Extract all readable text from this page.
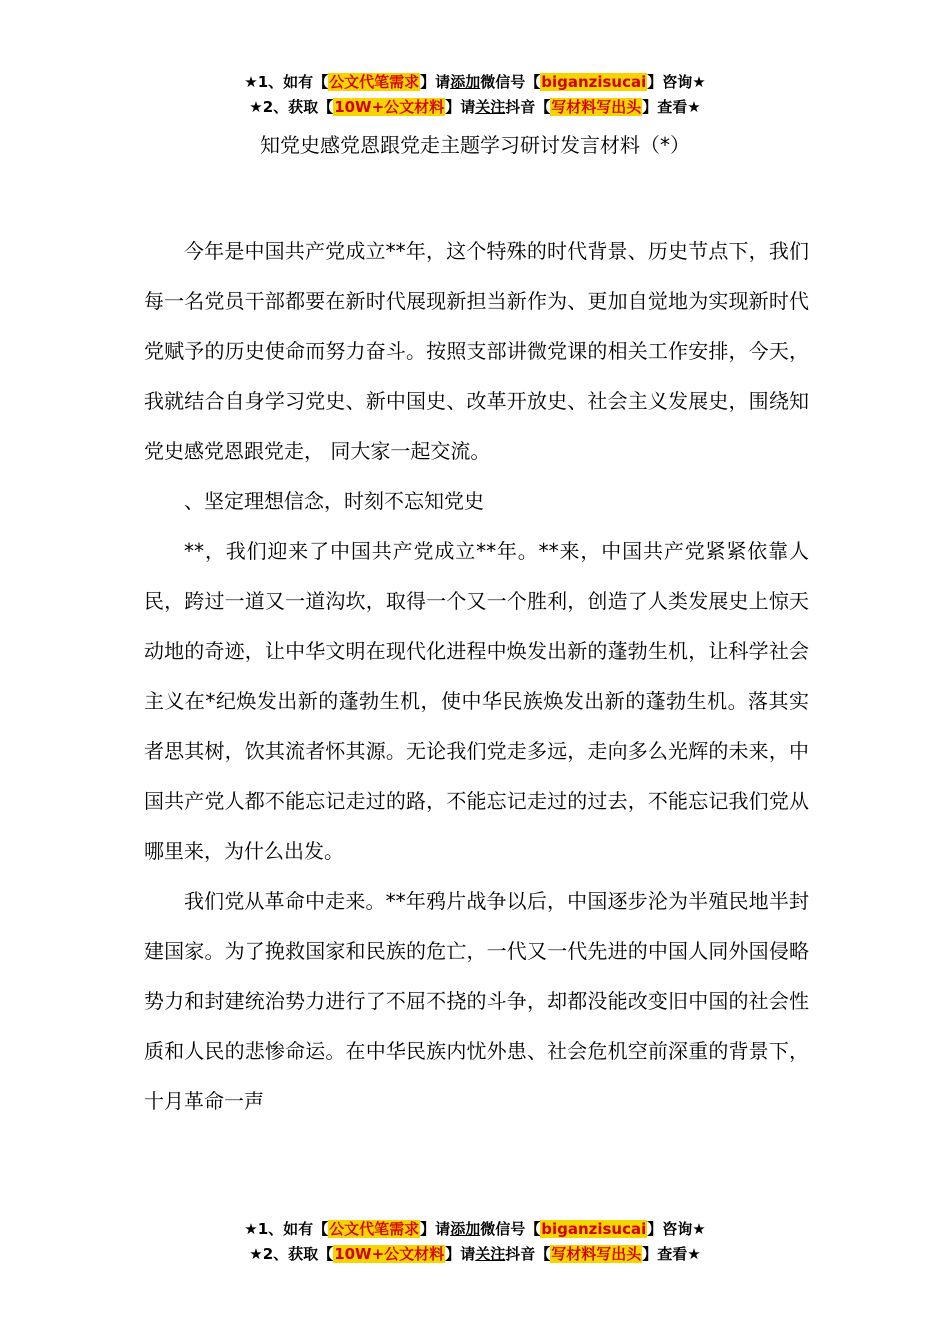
★1、如有【公文代笔需求】请添加微信号【biganzisucai】咨询★
★2、获取【10W+公文材料】请关注抖音【写材料写出头】查看★
知党史感党恩跟党走主题学习研讨发言材料（*）

今年是中国共产党成立**年，这个特殊的时代背景、历史节点下，我们每一名党员干部都要在新时代展现新担当新作为、更加自觉地为实现新时代党赋予的历史使命而努力奋斗。按照支部讲微党课的相关工作安排，今天，我就结合自身学习党史、新中国史、改革开放史、社会主义发展史，围绕知党史感党恩跟党走， 同大家一起交流。

、坚定理想信念，时刻不忘知党史

**，我们迎来了中国共产党成立**年。**来，中国共产党紧紧依靠人民，跨过一道又一道沟坎，取得一个又一个胜利，创造了人类发展史上惊天动地的奇迹，让中华文明在现代化进程中焕发出新的蓬勃生机，让科学社会主义在*纪焕发出新的蓬勃生机，使中华民族焕发出新的蓬勃生机。落其实者思其树，饮其流者怀其源。无论我们党走多远，走向多么光辉的未来，中国共产党人都不能忘记走过的路，不能忘记走过的过去，不能忘记我们党从哪里来，为什么出发。

我们党从革命中走来。**年鸦片战争以后，中国逐步沦为半殖民地半封建国家。为了挽救国家和民族的危亡，一代又一代先进的中国人同外国侵略势力和封建统治势力进行了不屈不挠的斗争，却都没能改变旧中国的社会性质和人民的悲惨命运。在中华民族内忧外患、社会危机空前深重的背景下，十月革命一声

★1、如有【公文代笔需求】请添加微信号【biganzisucai】咨询★
★2、获取【10W+公文材料】请关注抖音【写材料写出头】查看★
